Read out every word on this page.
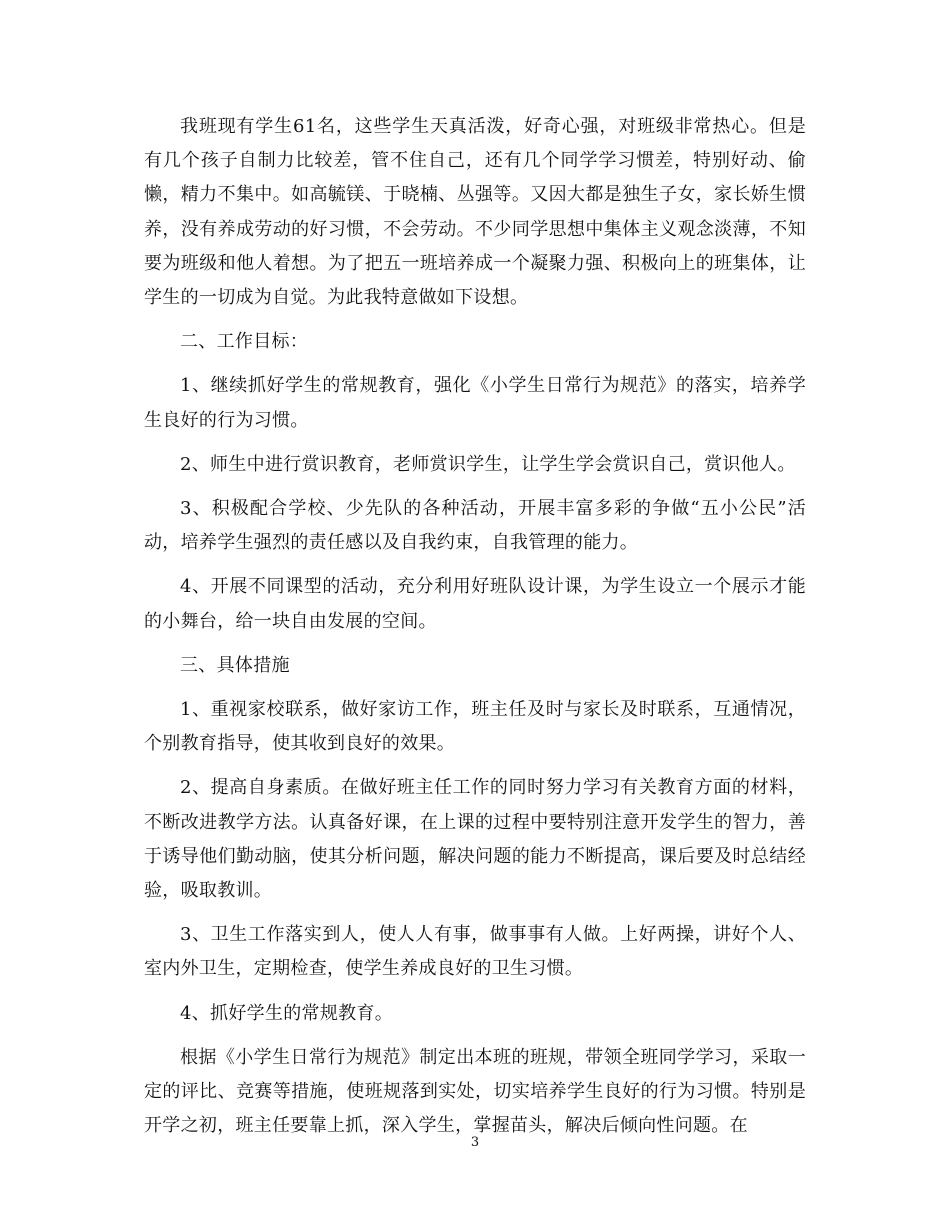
我班现有学生61名，这些学生天真活泼，好奇心强，对班级非常热心。但是有几个孩子自制力比较差，管不住自己，还有几个同学学习惯差，特别好动、偷懒，精力不集中。如高毓镁、于晓楠、丛强等。又因大都是独生子女，家长娇生惯养，没有养成劳动的好习惯，不会劳动。不少同学思想中集体主义观念淡薄，不知要为班级和他人着想。为了把五一班培养成一个凝聚力强、积极向上的班集体，让学生的一切成为自觉。为此我特意做如下设想。

二、工作目标：

1、继续抓好学生的常规教育，强化《小学生日常行为规范》的落实，培养学生良好的行为习惯。

2、师生中进行赏识教育，老师赏识学生，让学生学会赏识自己，赏识他人。

3、积极配合学校、少先队的各种活动，开展丰富多彩的争做“五小公民”活动，培养学生强烈的责任感以及自我约束，自我管理的能力。

4、开展不同课型的活动，充分利用好班队设计课，为学生设立一个展示才能的小舞台，给一块自由发展的空间。

三、具体措施

1、重视家校联系，做好家访工作，班主任及时与家长及时联系，互通情况，个别教育指导，使其收到良好的效果。

2、提高自身素质。在做好班主任工作的同时努力学习有关教育方面的材料，不断改进教学方法。认真备好课，在上课的过程中要特别注意开发学生的智力，善于诱导他们勤动脑，使其分析问题，解决问题的能力不断提高，课后要及时总结经验，吸取教训。

3、卫生工作落实到人，使人人有事，做事事有人做。上好两操，讲好个人、室内外卫生，定期检查，使学生养成良好的卫生习惯。

4、抓好学生的常规教育。

根据《小学生日常行为规范》制定出本班的班规，带领全班同学学习，采取一定的评比、竞赛等措施，使班规落到实处，切实培养学生良好的行为习惯。特别是开学之初，班主任要靠上抓，深入学生，掌握苗头，解决后倾向性问题。在

3
